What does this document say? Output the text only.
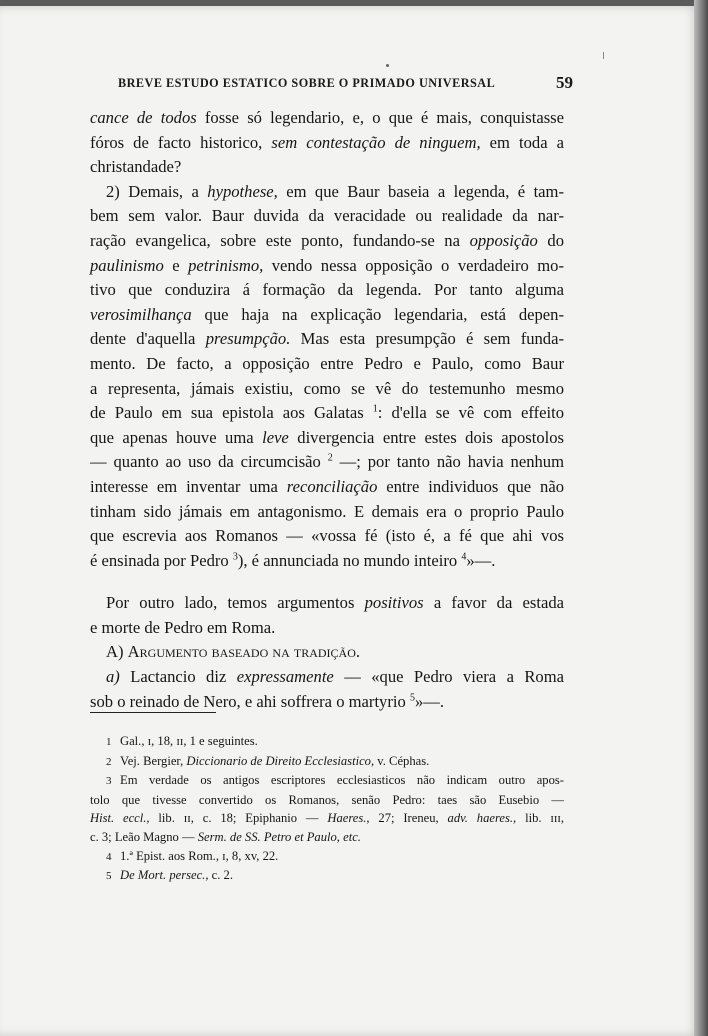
BREVE ESTUDO ESTATICO SOBRE O PRIMADO UNIVERSAL	59
cance de todos fosse só legendario, e, o que é mais, conquistasse
fóros de facto historico, sem contestação de ninguem, em toda a
christandade?
2) Demais, a hypothese, em que Baur baseia a legenda, é tam-
bem sem valor. Baur duvida da veracidade ou realidade da nar-
ração evangelica, sobre este ponto, fundando-se na opposição do
paulinismo e petrinismo, vendo nessa opposição o verdadeiro mo-
tivo que conduzira á formação da legenda. Por tanto alguma
verosimilhança que haja na explicação legendaria, está depen-
dente d'aquella presumpção. Mas esta presumpção é sem funda-
mento. De facto, a opposição entre Pedro e Paulo, como Baur
a representa, jámais existiu, como se vê do testemunho mesmo
de Paulo em sua epistola aos Galatas $^1$: d'ella se vê com effeito
que apenas houve uma leve divergencia entre estes dois apostolos
— quanto ao uso da circumcisão $^2$ —; por tanto não havia nenhum
interesse em inventar uma reconciliação entre individuos que não
tinham sido jámais em antagonismo. E demais era o proprio Paulo
que escrevia aos Romanos — «vossa fé (isto é, a fé que ahi vos
é ensinada por Pedro $^3$), é annunciada no mundo inteiro $^4$»—.
Por outro lado, temos argumentos positivos a favor da estada
e morte de Pedro em Roma.
A) Argumento baseado na tradição.
a) Lactancio diz expressamente — «que Pedro viera a Roma
sob o reinado de Nero, e ahi soffrera o martyrio $^5$»—.
1 Gal., ɪ, 18, ɪɪ, 1 e seguintes.
2 Vej. Bergier, Diccionario de Direito Ecclesiastico, v. Céphas.
3 Em verdade os antigos escriptores ecclesiasticos não indicam outro apos-
tolo que tivesse convertido os Romanos, senão Pedro: taes são Eusebio —
Hist. eccl., lib. ɪɪ, c. 18; Epiphanio — Haeres., 27; Ireneu, adv. haeres., lib. ɪɪɪ,
c. 3; Leão Magno — Serm. de SS. Petro et Paulo, etc.
4 1.ª Epist. aos Rom., ɪ, 8, xv, 22.
5 De Mort. persec., c. 2.
